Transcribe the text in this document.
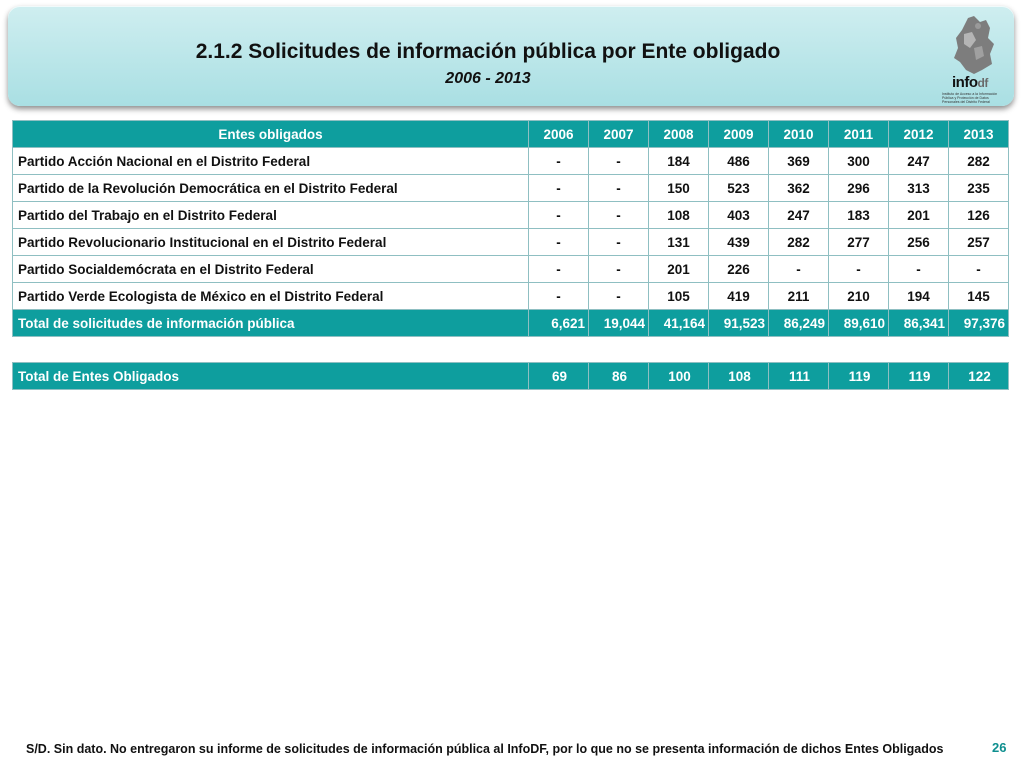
2.1.2 Solicitudes de información pública por Ente obligado
2006 - 2013	infodf
Instituto de Acceso a la Información Pública y Protección de Datos Personales del Distrito Federal
Entes obligados	2006	2007	2008	2009	2010	2011	2012	2013
Partido Acción Nacional en el Distrito Federal	-	-	184	486	369	300	247	282
Partido de la Revolución Democrática en el Distrito Federal	-	-	150	523	362	296	313	235
Partido del Trabajo en el Distrito Federal	-	-	108	403	247	183	201	126
Partido Revolucionario Institucional en el Distrito Federal	-	-	131	439	282	277	256	257
Partido Socialdemócrata en el Distrito Federal	-	-	201	226	-	-	-	-
Partido Verde Ecologista de México en el Distrito Federal	-	-	105	419	211	210	194	145
Total de solicitudes de información pública	6,621	19,044	41,164	91,523	86,249	89,610	86,341	97,376
Total de Entes Obligados	69	86	100	108	111	119	119	122
S/D. Sin dato. No entregaron su informe de solicitudes de información pública al InfoDF, por lo que no se presenta información de dichos Entes Obligados	26
